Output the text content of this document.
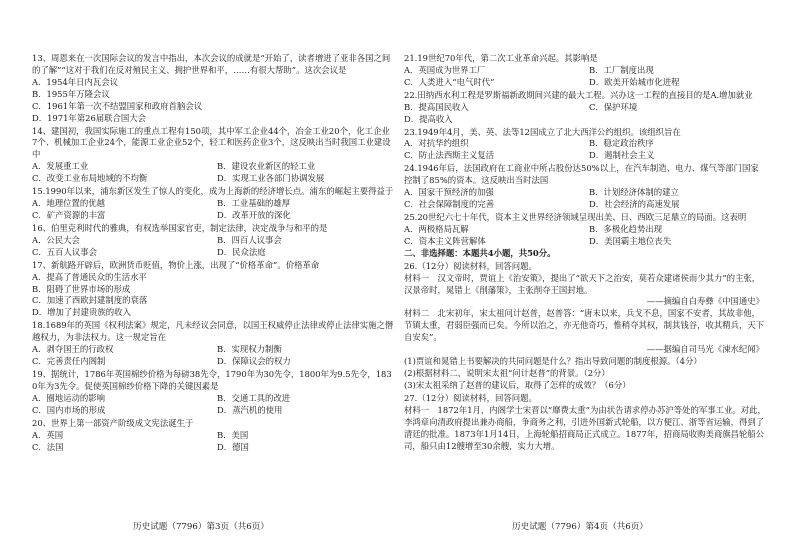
13、周恩来在一次国际会议的发言中指出，本次会议的成就是“开始了，读者增进了亚非各国之间的了解”“这对于我们在反对殖民主义、拥护世界和平，……有很大帮助”。这次会议是

A．1954年日内瓦会议
B．1955年万隆会议
C．1961年第一次不结盟国家和政府首脑会议
D．1971年第26届联合国大会

14、建国初，我国实际施工的重点工程有150项，其中军工企业44个，冶金工业20个，化工企业7个、机械加工企业24个，能源工业企业52个，轻工和医药企业3个，这反映出当时我国工业建设中

A．发展重工业	B．建设农业新区的轻工业
C．改变工业布局地域的不均衡	D．实现工业各部门协调发展

15.1990年以来，浦东新区发生了惊人的变化，成为上海新的经济增长点。浦东的崛起主要得益于

A．地理位置的优越	B．工业基础的雄厚
C．矿产资源的丰富	D．改革开放的深化

16、伯里克利时代的雅典，有权选举国家官吏，制定法律，决定战争与和平的是

A．公民大会	B．四百人议事会
C．五百人议事会	D．民众法庭

17、新航路开辟后，欧洲货币贬值，物价上涨，出现了“价格革命”。价格革命

A．提高了普通民众的生活水平
B．阻碍了世界市场的形成
C．加速了西欧封建制度的衰落
D．增加了封建贵族的收入

18.1689年的英国《权利法案》规定，凡未经议会同意，以国王权威停止法律或停止法律实施之僭越权力，为非法权力。这一规定旨在

A．剥夺国王的行政权	B．实现权力制衡
C．完善责任内阁制	D．保障议会的权力

19、据统计，1786年英国棉纱价格为每磅38先令，1790年为30先令，1800年为9.5先令，1830年为3先令。促使英国棉纱价格下降的关键因素是

A．圈地运动的影响	B．交通工具的改进
C．国内市场的形成	D．蒸汽机的使用

20、世界上第一部资产阶级成文宪法诞生于

A．英国	B．美国
C．法国	D．德国

21.19世纪70年代，第二次工业革命兴起。其影响是

A．英国成为世界工厂	B．工厂制度出现
C．人类进入“电气时代”	D．欧美开始城市化进程

22.田纳西水利工程是罗斯福新政期间兴建的最大工程。兴办这一工程的直接目的是A.增加就业

B．提高国民收入	C．保护环境
D．提高收入

23.1949年4月，美、英、法等12国成立了北大西洋公约组织。该组织旨在

A．对抗华约组织	B．稳定政治秩序
C．防止法西斯主义复活	D．遏制社会主义

24.1946年后，法国政府在工商业中所占股份达50%以上，在汽车制造、电力、煤气等部门国家控制了85%的资本。这反映出当时法国

A．国家干预经济的加强	B．计划经济体制的建立
C．社会保障制度的完善	D．社会经济的高速发展

25.20世纪六七十年代，资本主义世界经济领域呈现出美、日、西欧三足鼎立的局面。这表明

A．两极格局瓦解	B．多极化趋势出现
C．资本主义阵营解体	D．美国霸主地位丧失

二、非选择题：本题共4小题，共50分。

26.（12分）阅读材料，回答问题。

材料一　汉文帝时，贾谊上《治安策》，提出了“欲天下之治安，莫若众建诸侯而少其力”的主张，汉景帝时，晁错上《削藩策》，主张削夺王国封地。

——摘编自白寿彝《中国通史》

材料二　北宋初年，宋太祖问计赵普，赵普答：“唐末以来，兵戈不息，国家不安者，其故非他，节镇太重，君弱臣强而已矣。今所以治之，亦无他奇巧，惟稍夺其权，制其钱谷，收其精兵，天下自安矣”。

——据编自司马光《涑水纪闻》

(1)贾谊和晁错上书要解决的共同问题是什么？指出导致问题的制度根源。（4分）

(2)根据材料二，说明宋太祖“问计赵普”的背景。（2分）

(3)宋太祖采纳了赵普的建议后，取得了怎样的成效？（6分）

27.（12分）阅读材料，回答问题。

材料一　1872年1月，内阁学士宋晋以“靡费太重”为由状告请求停办苏沪等处的军事工业。对此，李鸿章向清政府提出兼办商船，争商务之利，引进外国新式轮船，以方便江、浙等省运输，得到了清廷的批准。1873年1月14日，上海轮船招商局正式成立。1877年，招商局收购美商旗昌轮船公司，船只由12艘增至30余艘，实力大增。

历史试题（7796）第3页（共6页）	历史试题（7796）第4页（共6页）
